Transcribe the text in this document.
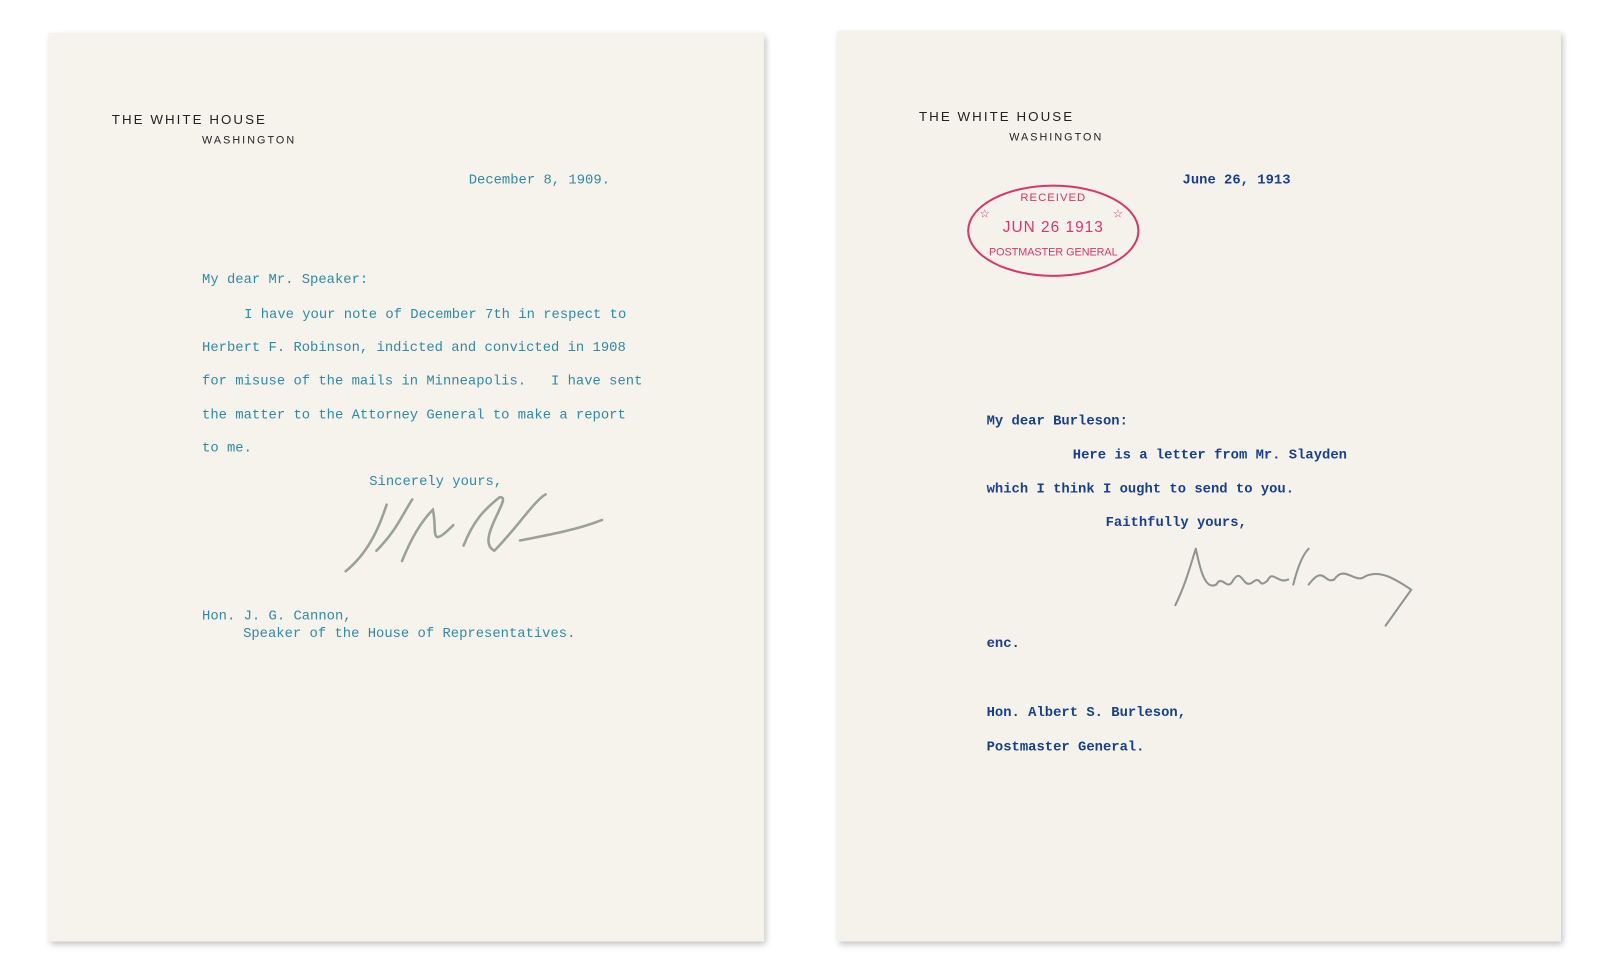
THE WHITE HOUSE
WASHINGTON
December 8, 1909.
My dear Mr. Speaker:
I have your note of December 7th in respect to
Herbert F. Robinson, indicted and convicted in 1908
for misuse of the mails in Minneapolis.   I have sent
the matter to the Attorney General to make a report
to me.
Sincerely yours,
Hon. J. G. Cannon,
Speaker of the House of Representatives.
THE WHITE HOUSE
WASHINGTON
June 26, 1913
RECEIVED
JUN 26 1913
POSTMASTER GENERAL
☆	☆
My dear Burleson:
Here is a letter from Mr. Slayden
which I think I ought to send to you.
Faithfully yours,
enc.
Hon. Albert S. Burleson,
Postmaster General.
